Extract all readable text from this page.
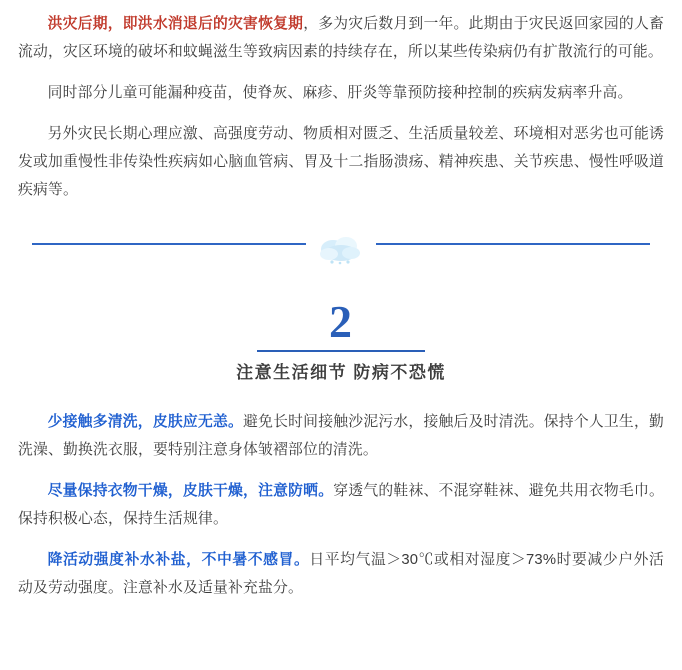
洪灾后期，即洪水消退后的灾害恢复期，多为灾后数月到一年。此期由于灾民返回家园的人畜流动，灾区环境的破坏和蚊蝇滋生等致病因素的持续存在，所以某些传染病仍有扩散流行的可能。

同时部分儿童可能漏种疫苗，使脊灰、麻疹、肝炎等靠预防接种控制的疾病发病率升高。

另外灾民长期心理应激、高强度劳动、物质相对匮乏、生活质量较差、环境相对恶劣也可能诱发或加重慢性非传染性疾病如心脑血管病、胃及十二指肠溃疡、精神疾患、关节疾患、慢性呼吸道疾病等。

2
注意生活细节 防病不恐慌

少接触多清洗，皮肤应无恙。避免长时间接触沙泥污水，接触后及时清洗。保持个人卫生，勤洗澡、勤换洗衣服，要特别注意身体皱褶部位的清洗。

尽量保持衣物干燥，皮肤干燥，注意防晒。穿透气的鞋袜、不混穿鞋袜、避免共用衣物毛巾。保持积极心态，保持生活规律。

降活动强度补水补盐，不中暑不感冒。日平均气温＞30℃或相对湿度＞73%时要减少户外活动及劳动强度。注意补水及适量补充盐分。
